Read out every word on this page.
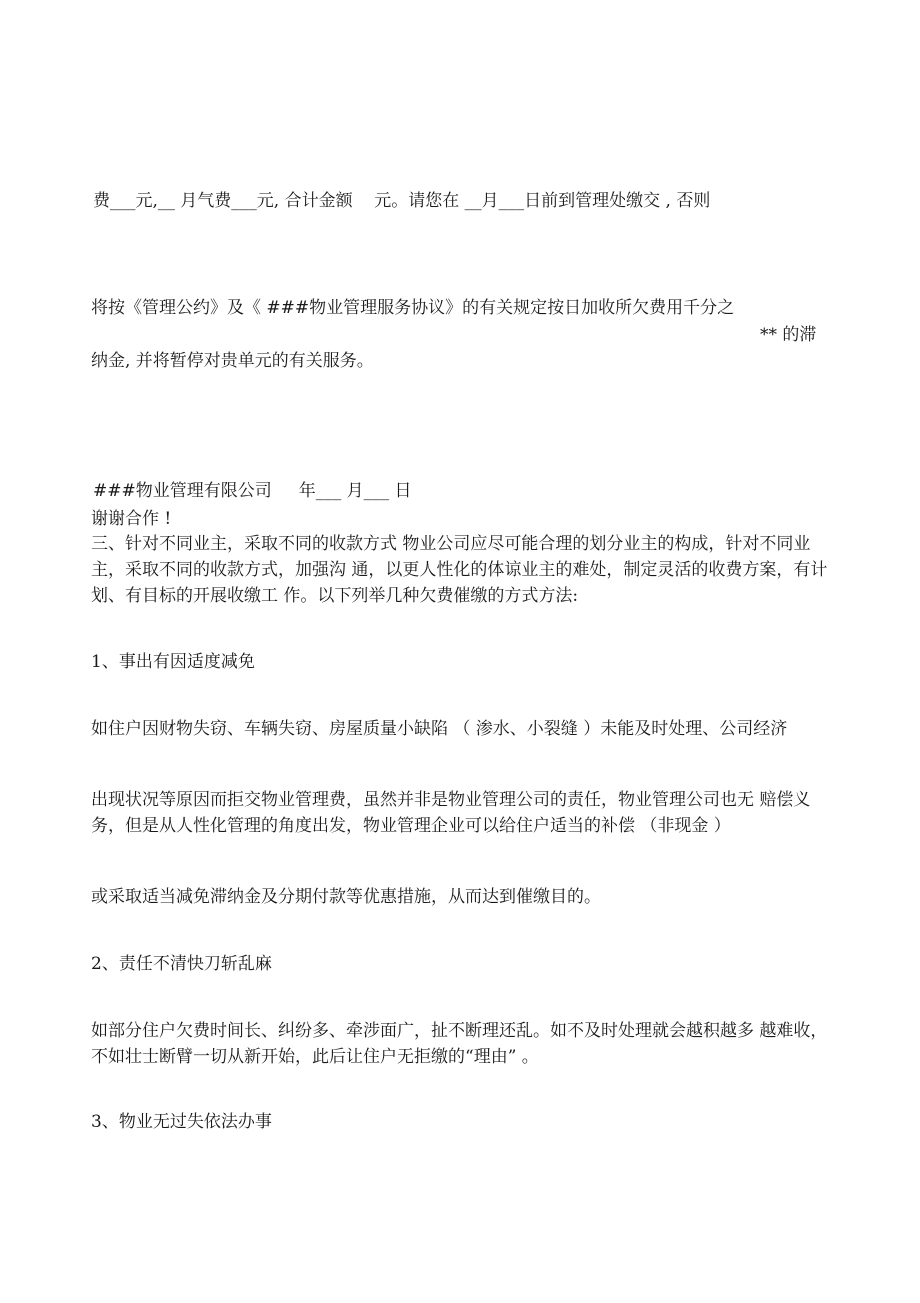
费___元,__ 月气费___元, 合计金额    元。请您在 __月___日前到管理处缴交 , 否则
将按《管理公约》及《 ###物业管理服务协议》的有关规定按日加收所欠费用千分之
** 的滞
纳金, 并将暂停对贵单元的有关服务。
###物业管理有限公司     年___ 月___ 日
谢谢合作 !

三、针对不同业主，采取不同的收款方式 物业公司应尽可能合理的划分业主的构成，针对不同业主，采取不同的收款方式，加强沟 通，以更人性化的体谅业主的难处，制定灵活的收费方案，有计划、有目标的开展收缴工 作。以下列举几种欠费催缴的方式方法:

1、事出有因适度减免

如住户因财物失窃、车辆失窃、房屋质量小缺陷 （ 渗水、小裂缝 ）未能及时处理、公司经济

出现状况等原因而拒交物业管理费，虽然并非是物业管理公司的责任，物业管理公司也无 赔偿义务，但是从人性化管理的角度出发，物业管理企业可以给住户适当的补偿 （非现金 ）

或采取适当减免滞纳金及分期付款等优惠措施，从而达到催缴目的。

2、责任不清快刀斩乱麻

如部分住户欠费时间长、纠纷多、牵涉面广，扯不断理还乱。如不及时处理就会越积越多 越难收，不如壮士断臂一切从新开始，此后让住户无拒缴的“理由” 。

3、物业无过失依法办事
